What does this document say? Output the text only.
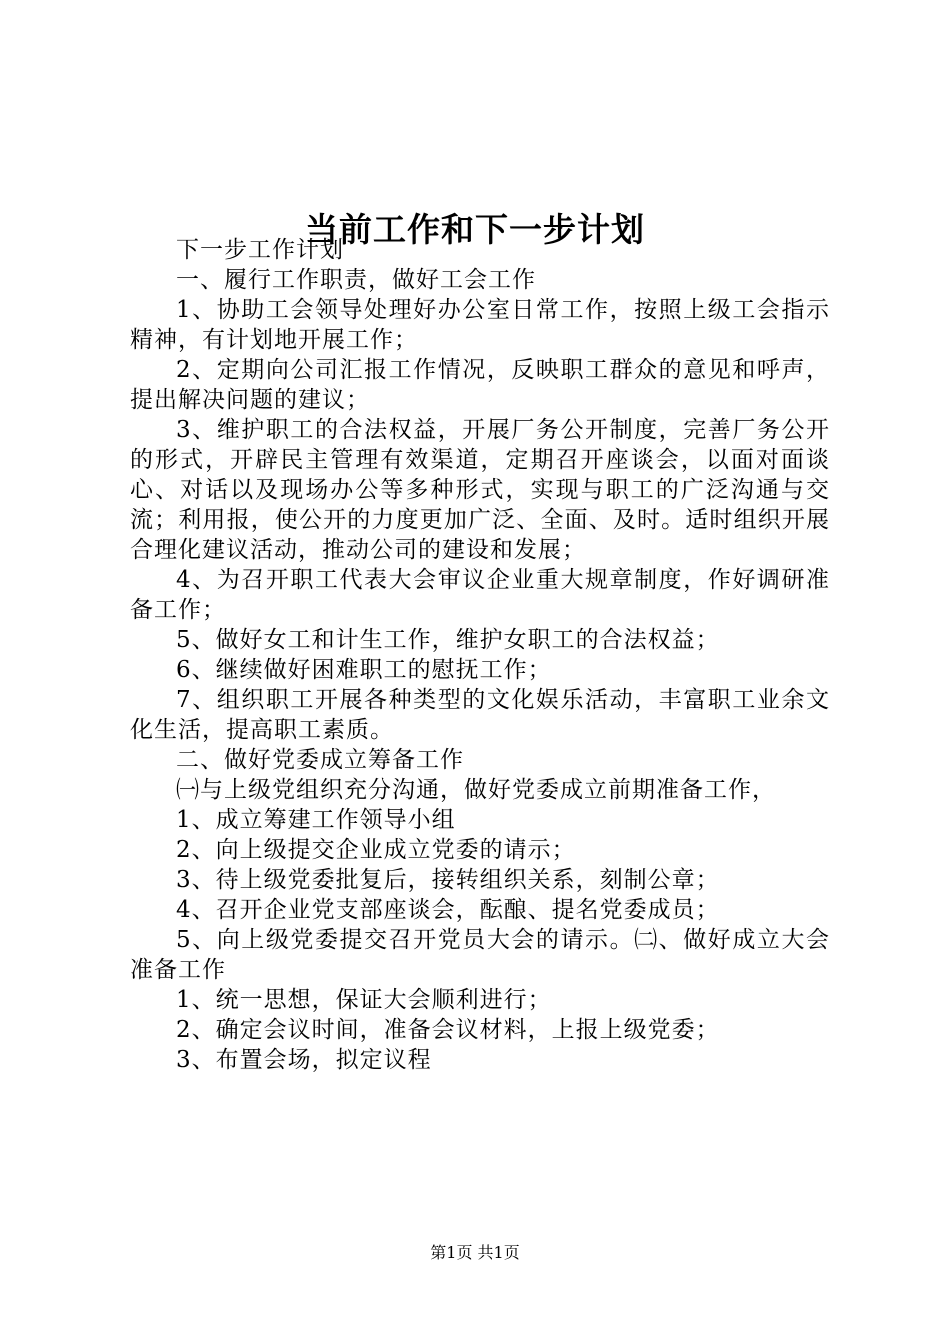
当前工作和下一步计划

下一步工作计划

一、履行工作职责，做好工会工作

1、协助工会领导处理好办公室日常工作，按照上级工会指示精神，有计划地开展工作；

2、定期向公司汇报工作情况，反映职工群众的意见和呼声，提出解决问题的建议；

3、维护职工的合法权益，开展厂务公开制度，完善厂务公开的形式，开辟民主管理有效渠道，定期召开座谈会，以面对面谈心、对话以及现场办公等多种形式，实现与职工的广泛沟通与交流；利用报，使公开的力度更加广泛、全面、及时。适时组织开展合理化建议活动，推动公司的建设和发展；

4、为召开职工代表大会审议企业重大规章制度，作好调研准备工作；

5、做好女工和计生工作，维护女职工的合法权益；

6、继续做好困难职工的慰抚工作；

7、组织职工开展各种类型的文化娱乐活动，丰富职工业余文化生活，提高职工素质。

二、做好党委成立筹备工作

㈠与上级党组织充分沟通，做好党委成立前期准备工作，

1、成立筹建工作领导小组

2、向上级提交企业成立党委的请示；

3、待上级党委批复后，接转组织关系，刻制公章；

4、召开企业党支部座谈会，酝酿、提名党委成员；

5、向上级党委提交召开党员大会的请示。㈡、做好成立大会准备工作

1、统一思想，保证大会顺利进行；

2、确定会议时间，准备会议材料，上报上级党委；

3、布置会场，拟定议程

第1页 共1页
